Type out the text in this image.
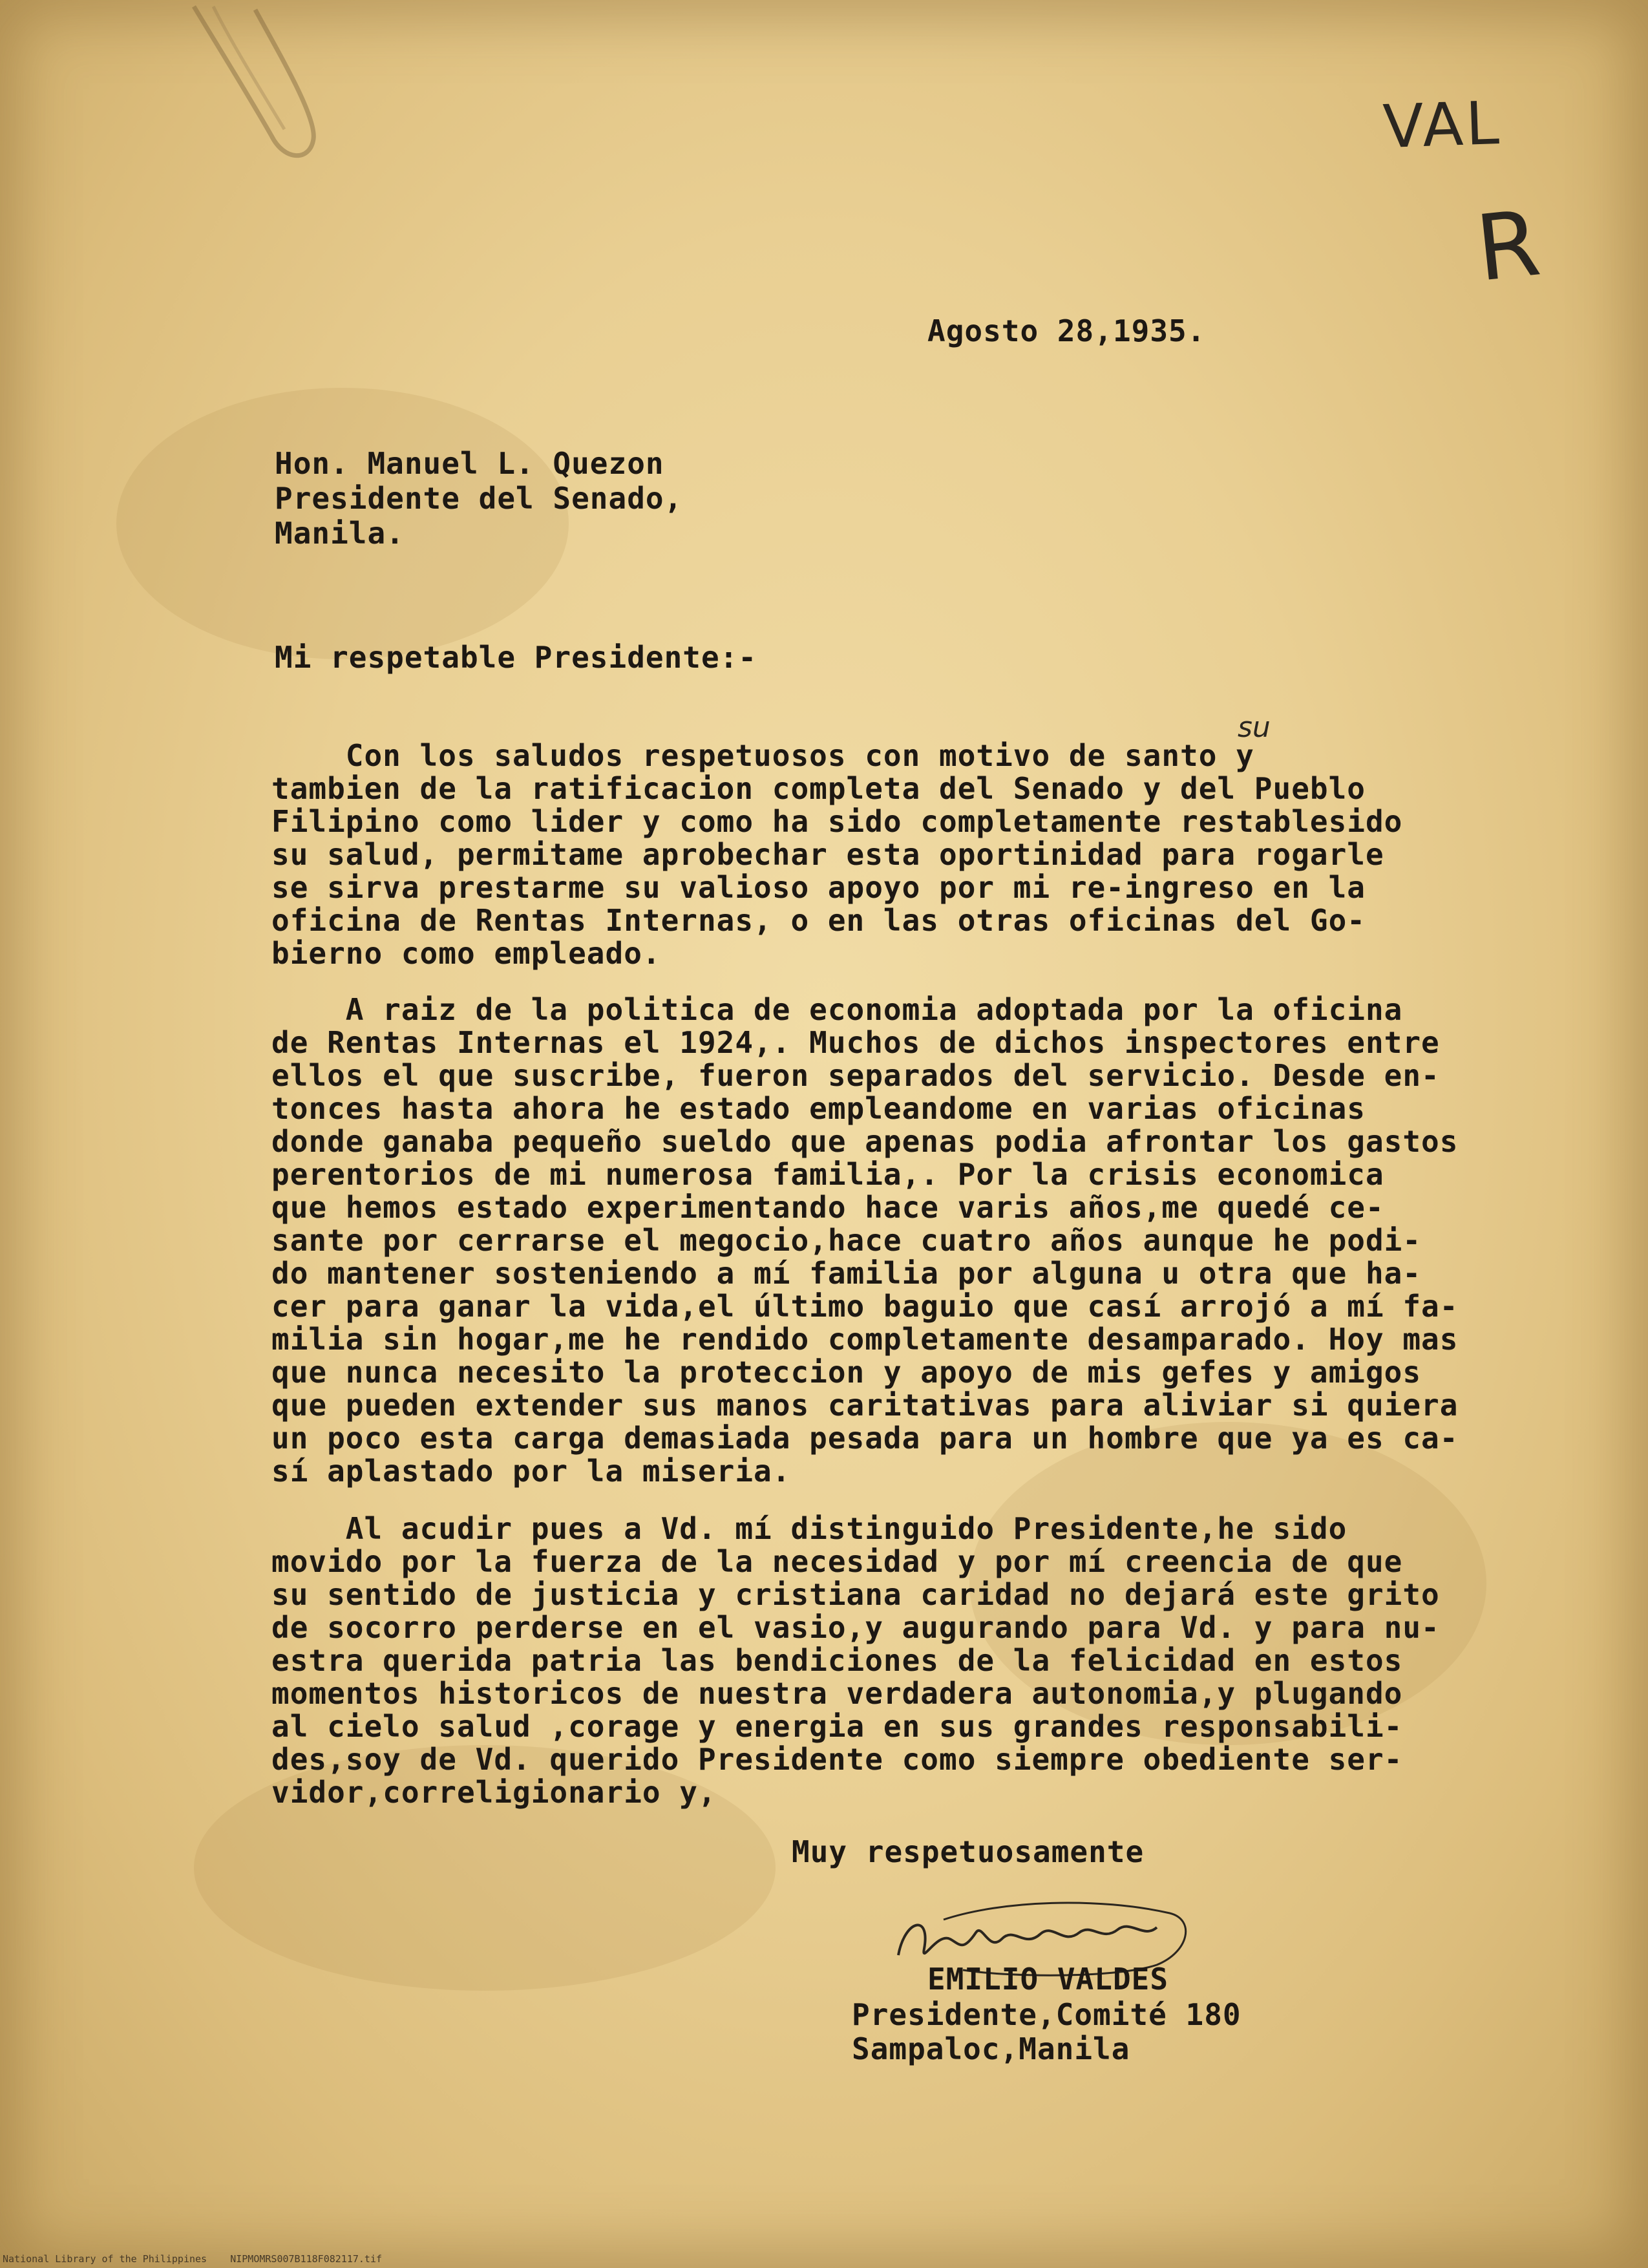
VAL
R
Agosto 28,1935.
Hon. Manuel L. Quezon
Presidente del Senado,
Manila.
Mi respetable Presidente:-
su
Con los saludos respetuosos con motivo de santo y
tambien de la ratificacion completa del Senado y del Pueblo
Filipino como lider y como ha sido completamente restablesido
su salud, permitame aprobechar esta oportinidad para rogarle
se sirva prestarme su valioso apoyo por mi re-ingreso en la
oficina de Rentas Internas, o en las otras oficinas del Go-
bierno como empleado.
A raiz de la politica de economia adoptada por la oficina
de Rentas Internas el 1924,. Muchos de dichos inspectores entre
ellos el que suscribe, fueron separados del servicio. Desde en-
tonces hasta ahora he estado empleandome en varias oficinas
donde ganaba pequeño sueldo que apenas podia afrontar los gastos
perentorios de mi numerosa familia,. Por la crisis economica
que hemos estado experimentando hace varis años,me quedé ce-
sante por cerrarse el megocio,hace cuatro años aunque he podi-
do mantener sosteniendo a mí familia por alguna u otra que ha-
cer para ganar la vida,el último baguio que casí arrojó a mí fa-
milia sin hogar,me he rendido completamente desamparado. Hoy mas
que nunca necesito la proteccion y apoyo de mis gefes y amigos
que pueden extender sus manos caritativas para aliviar si quiera
un poco esta carga demasiada pesada para un hombre que ya es ca-
sí aplastado por la miseria.
Al acudir pues a Vd. mí distinguido Presidente,he sido
movido por la fuerza de la necesidad y por mí creencia de que
su sentido de justicia y cristiana caridad no dejará este grito
de socorro perderse en el vasio,y augurando para Vd. y para nu-
estra querida patria las bendiciones de la felicidad en estos
momentos historicos de nuestra verdadera autonomia,y plugando
al cielo salud ,corage y energia en sus grandes responsabili-
des,soy de Vd. querido Presidente como siempre obediente ser-
vidor,correligionario y,
Muy respetuosamente
EMILIO VALDES
Presidente,Comité 180
Sampaloc,Manila
National Library of the Philippines    NIPMOMRS007B118F082117.tif
